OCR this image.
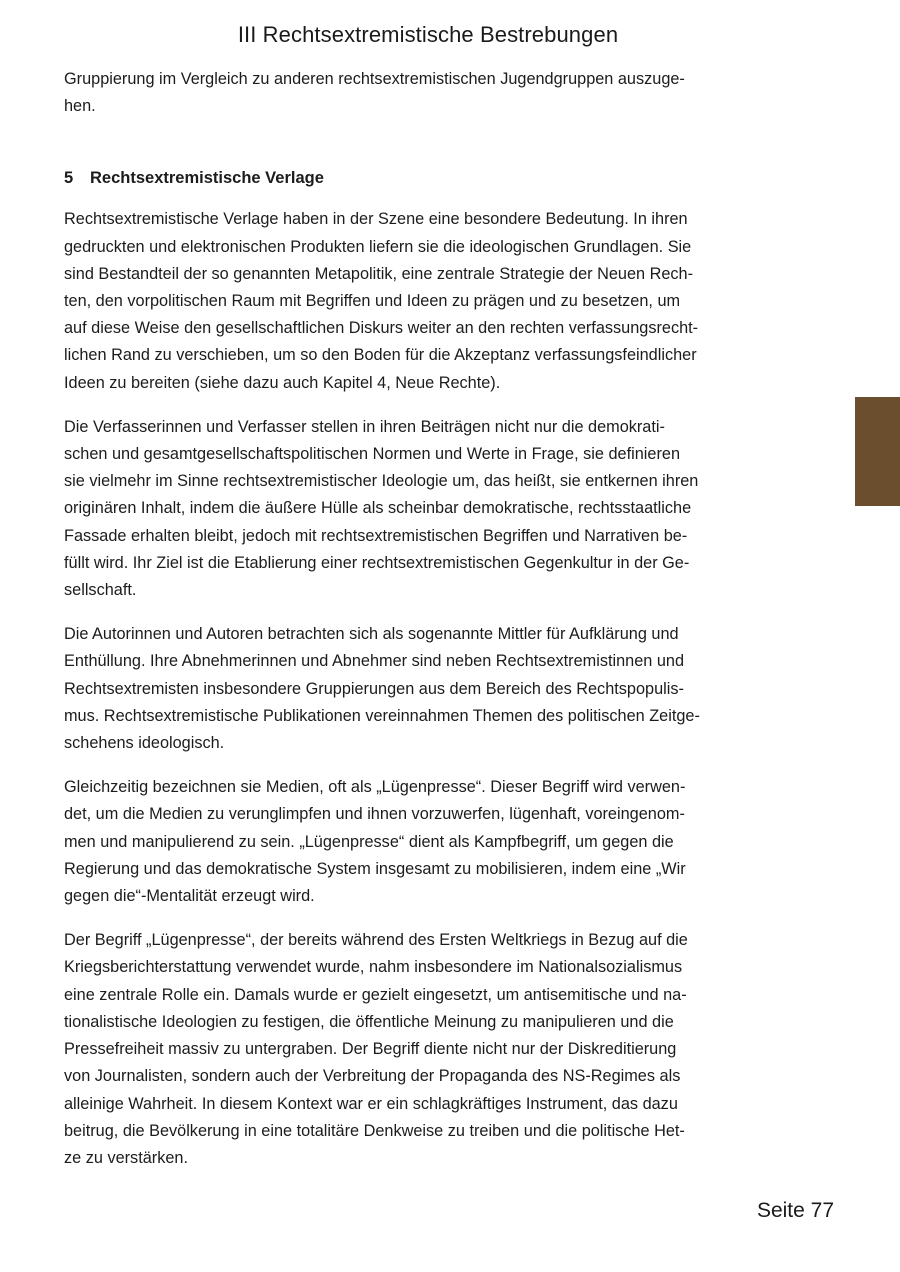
III Rechtsextremistische Bestrebungen

Gruppierung im Vergleich zu anderen rechtsextremistischen Jugendgruppen auszuge-
hen.

5 Rechtsextremistische Verlage

Rechtsextremistische Verlage haben in der Szene eine besondere Bedeutung. In ihren
gedruckten und elektronischen Produkten liefern sie die ideologischen Grundlagen. Sie
sind Bestandteil der so genannten Metapolitik, eine zentrale Strategie der Neuen Rech-
ten, den vorpolitischen Raum mit Begriffen und Ideen zu prägen und zu besetzen, um
auf diese Weise den gesellschaftlichen Diskurs weiter an den rechten verfassungsrecht-
lichen Rand zu verschieben, um so den Boden für die Akzeptanz verfassungsfeindlicher
Ideen zu bereiten (siehe dazu auch Kapitel 4, Neue Rechte).

Die Verfasserinnen und Verfasser stellen in ihren Beiträgen nicht nur die demokrati-
schen und gesamtgesellschaftspolitischen Normen und Werte in Frage, sie definieren
sie vielmehr im Sinne rechtsextremistischer Ideologie um, das heißt, sie entkernen ihren
originären Inhalt, indem die äußere Hülle als scheinbar demokratische, rechtsstaatliche
Fassade erhalten bleibt, jedoch mit rechtsextremistischen Begriffen und Narrativen be-
füllt wird. Ihr Ziel ist die Etablierung einer rechtsextremistischen Gegenkultur in der Ge-
sellschaft.

Die Autorinnen und Autoren betrachten sich als sogenannte Mittler für Aufklärung und
Enthüllung. Ihre Abnehmerinnen und Abnehmer sind neben Rechtsextremistinnen und
Rechtsextremisten insbesondere Gruppierungen aus dem Bereich des Rechtspopulis-
mus. Rechtsextremistische Publikationen vereinnahmen Themen des politischen Zeitge-
schehens ideologisch.

Gleichzeitig bezeichnen sie Medien, oft als „Lügenpresse“. Dieser Begriff wird verwen-
det, um die Medien zu verunglimpfen und ihnen vorzuwerfen, lügenhaft, voreingenom-
men und manipulierend zu sein. „Lügenpresse“ dient als Kampfbegriff, um gegen die
Regierung und das demokratische System insgesamt zu mobilisieren, indem eine „Wir
gegen die“-Mentalität erzeugt wird.

Der Begriff „Lügenpresse“, der bereits während des Ersten Weltkriegs in Bezug auf die
Kriegsberichterstattung verwendet wurde, nahm insbesondere im Nationalsozialismus
eine zentrale Rolle ein. Damals wurde er gezielt eingesetzt, um antisemitische und na-
tionalistische Ideologien zu festigen, die öffentliche Meinung zu manipulieren und die
Pressefreiheit massiv zu untergraben. Der Begriff diente nicht nur der Diskreditierung
von Journalisten, sondern auch der Verbreitung der Propaganda des NS-Regimes als
alleinige Wahrheit. In diesem Kontext war er ein schlagkräftiges Instrument, das dazu
beitrug, die Bevölkerung in eine totalitäre Denkweise zu treiben und die politische Het-
ze zu verstärken.

Seite 77
